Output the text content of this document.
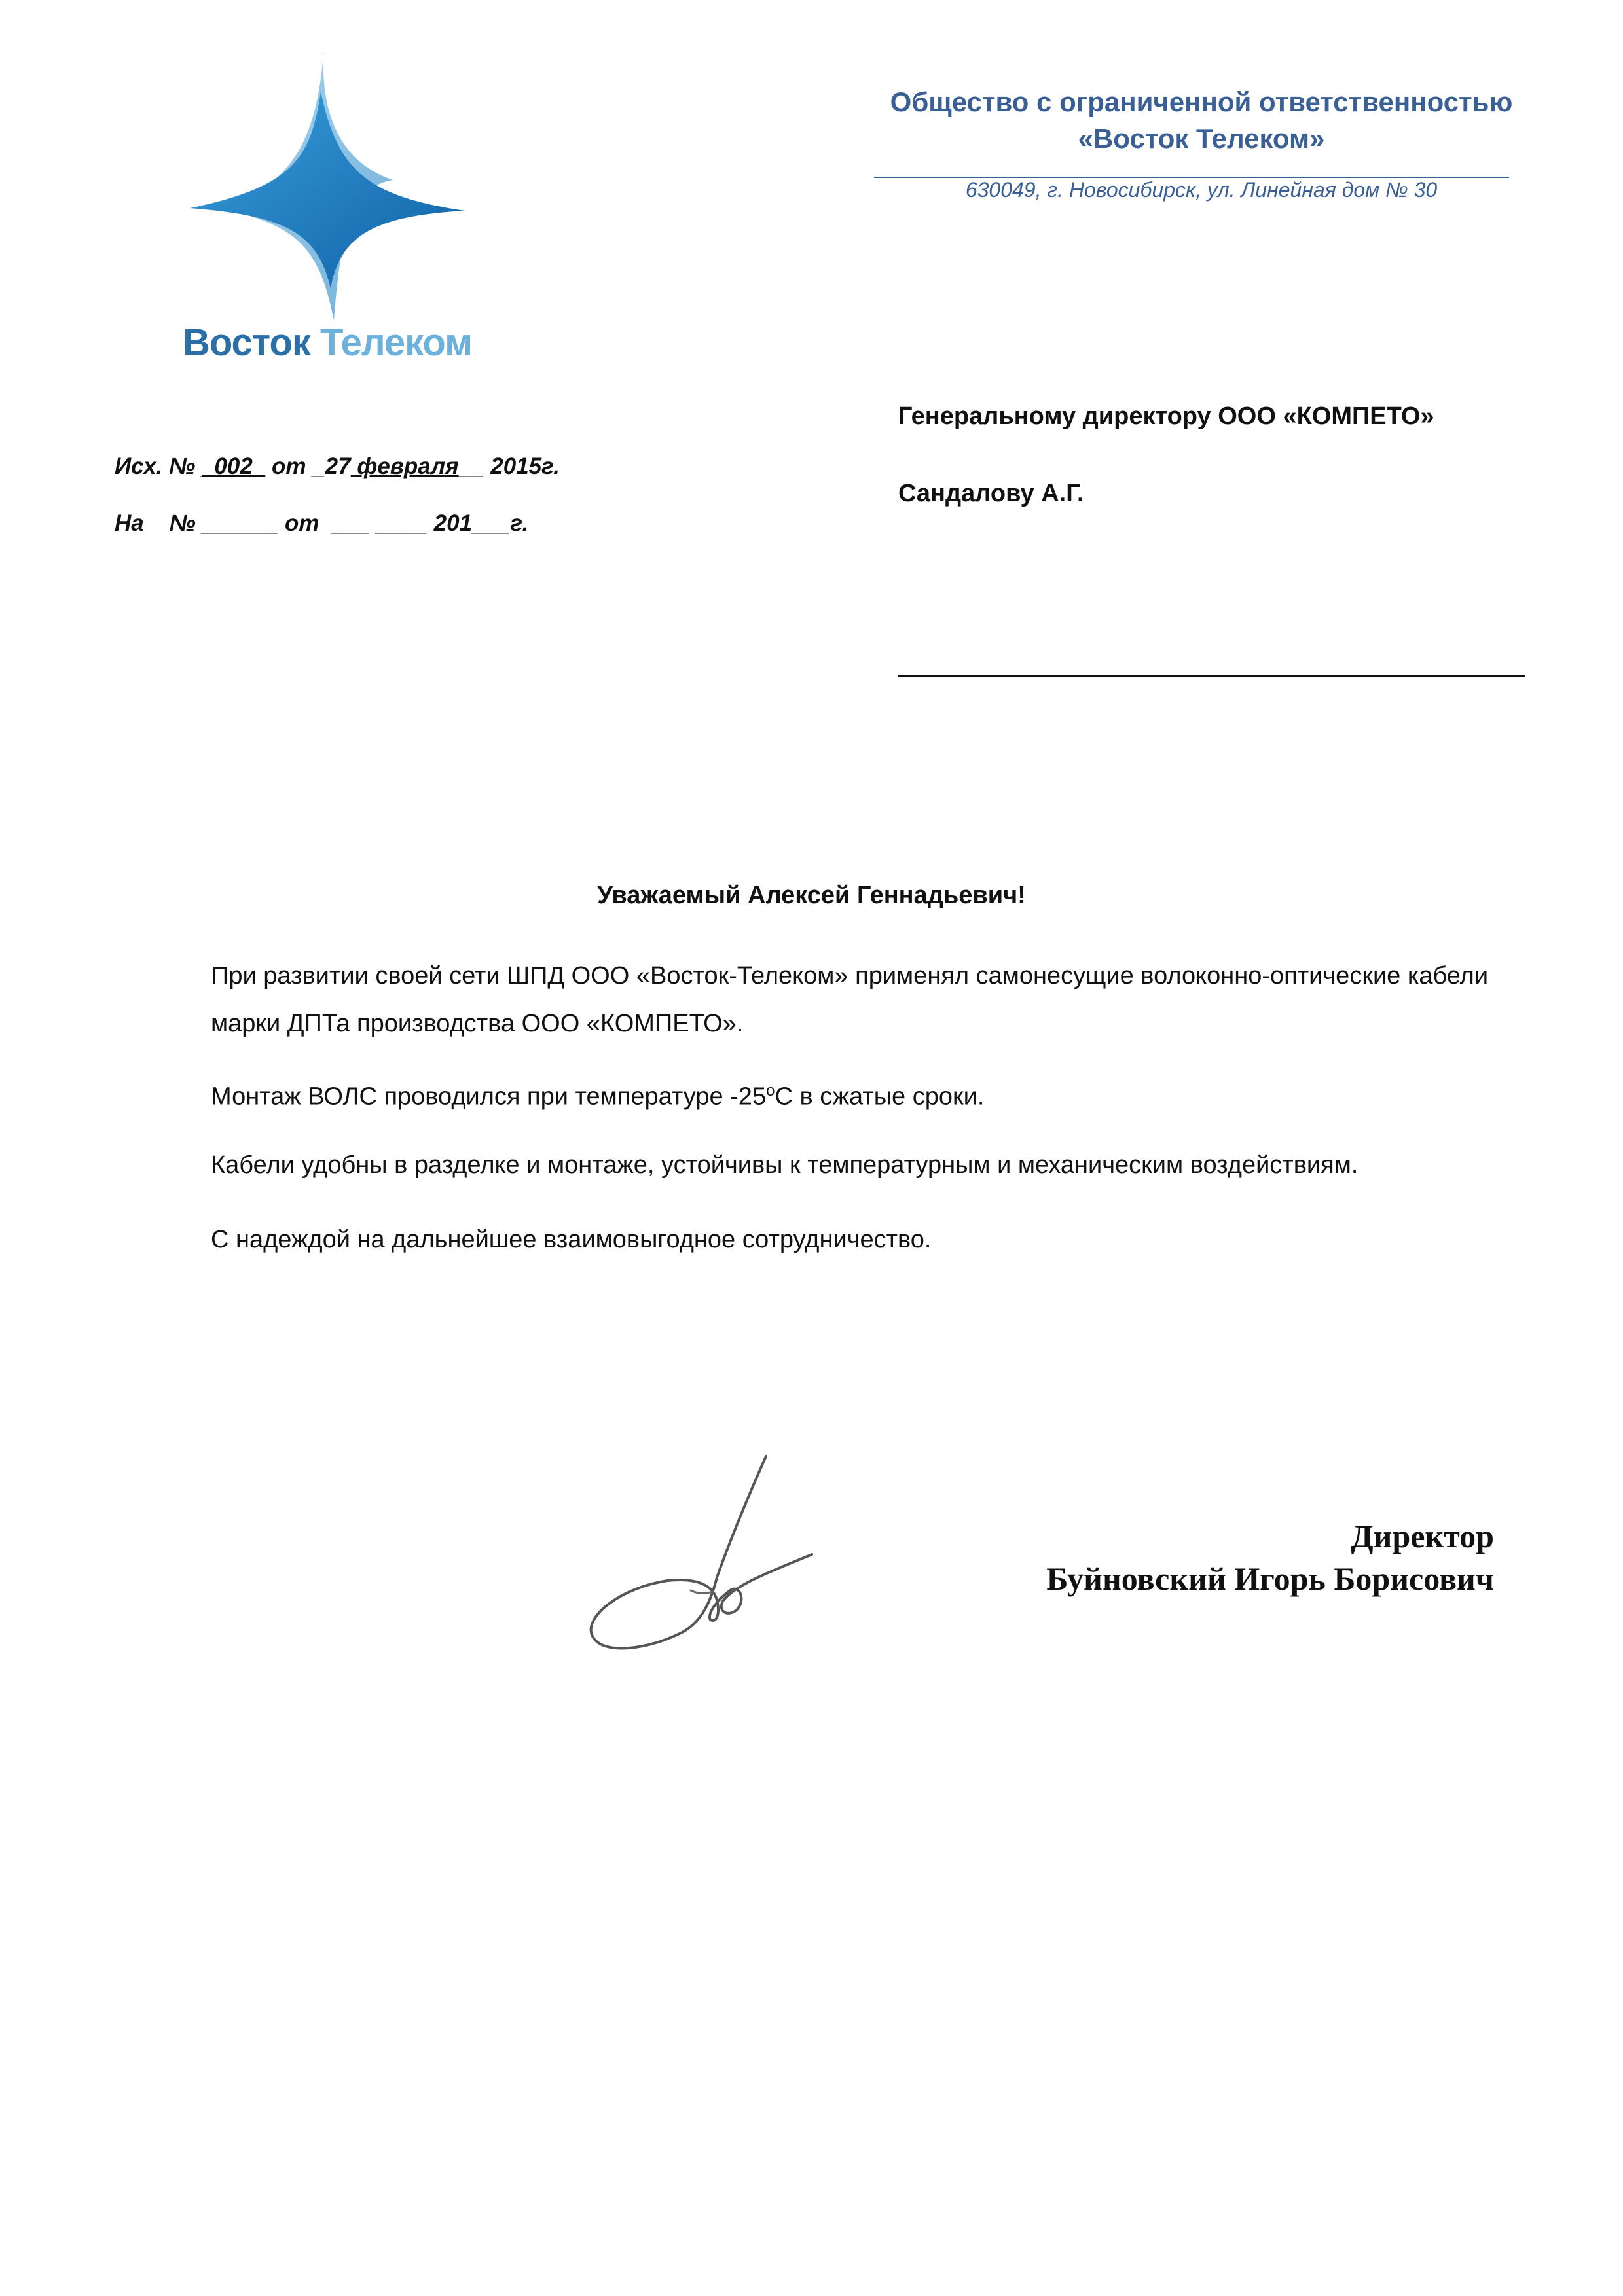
Восток Телеком
Общество с ограниченной ответственностью
«Восток Телеком»
630049, г. Новосибирск, ул. Линейная дом № 30
Исх. № _002_ от _27 февраля__ 2015г.
На    № ______ от  ___ ____ 201___г.
Генеральному директору ООО «КОМПЕТО»
Сандалову А.Г.
Уважаемый Алексей Геннадьевич!
При развитии своей сети ШПД ООО «Восток-Телеком» применял самонесущие волоконно-оптические кабели марки ДПТа производства ООО «КОМПЕТО».
Монтаж ВОЛС проводился при температуре $-25^оС$ в сжатые сроки.
Кабели удобны в разделке и монтаже, устойчивы к температурным и механическим воздействиям.
С надеждой на дальнейшее взаимовыгодное сотрудничество.
Директор
Буйновский Игорь Борисович
